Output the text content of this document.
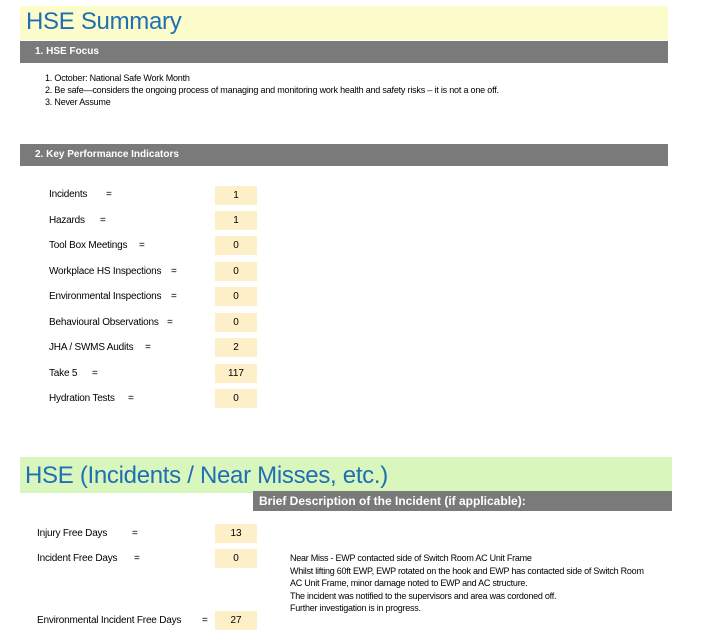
HSE Summary
1. HSE Focus
1. October: National Safe Work Month
2. Be safe—considers the ongoing process of managing and monitoring work health and safety risks – it is not a one off.
3. Never Assume
2. Key Performance Indicators
Incidents =	1
Hazards =	1
Tool Box Meetings =	0
Workplace HS Inspections =	0
Environmental Inspections =	0
Behavioural Observations =	0
JHA / SWMS Audits =	2
Take 5 =	117
Hydration Tests =	0
HSE (Incidents / Near Misses, etc.)
Brief Description of the Incident (if applicable):
Injury Free Days =	13
Incident Free Days =	0
Environmental Incident Free Days =	27
Near Miss - EWP contacted side of Switch Room AC Unit Frame
Whilst lifting 60ft EWP, EWP rotated on the hook and EWP has contacted side of Switch Room
AC Unit Frame, minor damage noted to EWP and AC structure.
The incident was notified to the supervisors and area was cordoned off.
Further investigation is in progress.
